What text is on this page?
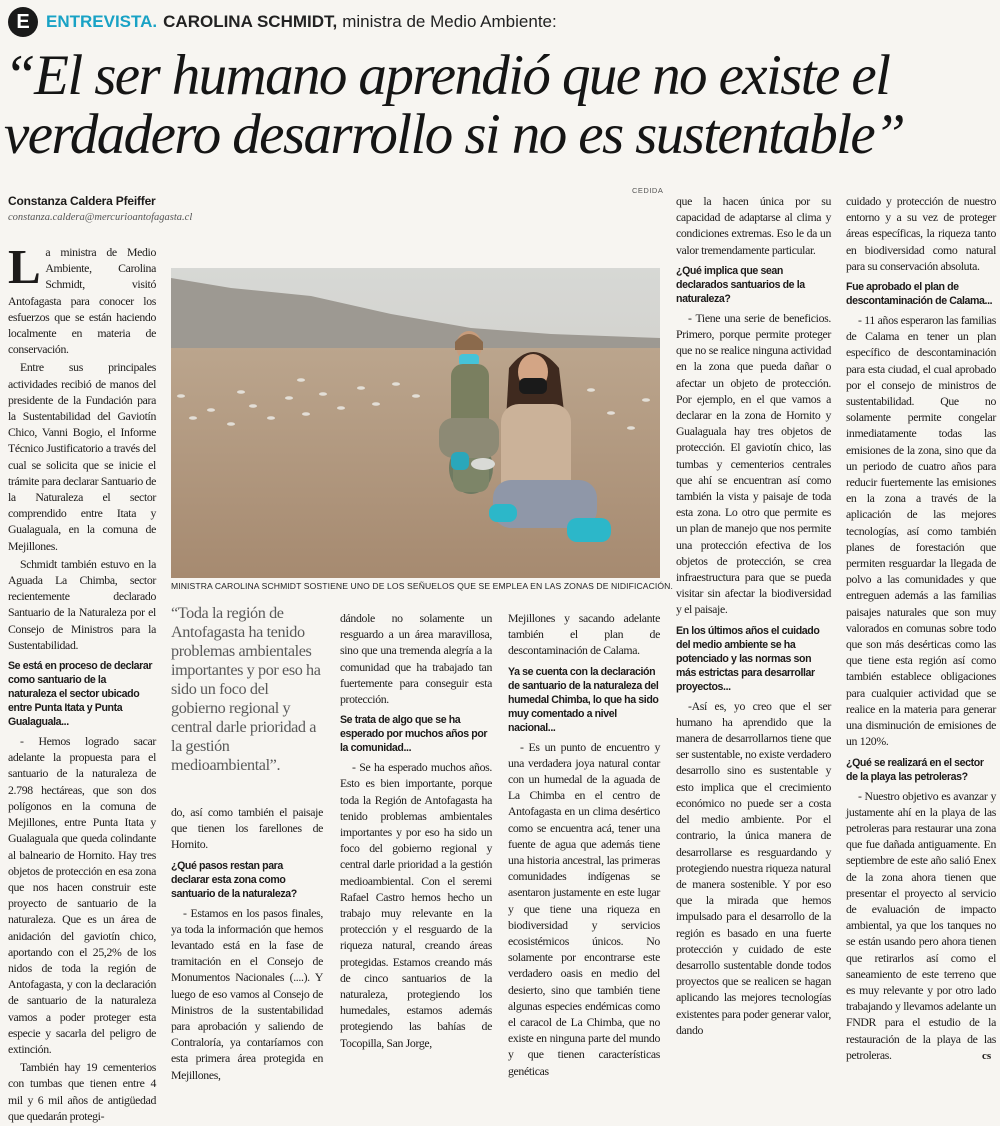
E ENTREVISTA. CAROLINA SCHMIDT, ministra de Medio Ambiente:
“El ser humano aprendió que no existe el verdadero desarrollo si no es sustentable”
Constanza Caldera Pfeiffer
constanza.caldera@mercurioantofagasta.cl
CEDIDA
MINISTRA CAROLINA SCHMIDT SOSTIENE UNO DE LOS SEÑUELOS QUE SE EMPLEA EN LAS ZONAS DE NIDIFICACIÓN.

La ministra de Medio Ambiente, Carolina Schmidt, visitó Antofagasta para conocer los esfuerzos que se están haciendo localmente en materia de conservación.

Entre sus principales actividades recibió de manos del presidente de la Fundación para la Sustentabilidad del Gaviotín Chico, Vanni Bogio, el Informe Técnico Justificatorio a través del cual se solicita que se inicie el trámite para declarar Santuario de la Naturaleza el sector comprendido entre Itata y Gualaguala, en la comuna de Mejillones.

Schmidt también estuvo en la Aguada La Chimba, sector recientemente declarado Santuario de la Naturaleza por el Consejo de Ministros para la Sustentabilidad.

Se está en proceso de declarar como santuario de la naturaleza el sector ubicado entre Punta Itata y Punta Gualaguala...

- Hemos logrado sacar adelante la propuesta para el santuario de la naturaleza de 2.798 hectáreas, que son dos polígonos en la comuna de Mejillones, entre Punta Itata y Gualaguala que queda colindante al balneario de Hornito. Hay tres objetos de protección en esa zona que nos hacen construir este proyecto de santuario de la naturaleza. Que es un área de anidación del gaviotín chico, aportando con el 25,2% de los nidos de toda la región de Antofagasta, y con la declaración de santuario de la naturaleza vamos a poder proteger esta especie y sacarla del peligro de extinción.

También hay 19 cementerios con tumbas que tienen entre 4 mil y 6 mil años de antigüedad que quedarán protegi-

“Toda la región de Antofagasta ha tenido problemas ambientales importantes y por eso ha sido un foco del gobierno regional y central darle prioridad a la gestión medioambiental”.

do, así como también el paisaje que tienen los farellones de Hornito.

¿Qué pasos restan para declarar esta zona como santuario de la naturaleza?

- Estamos en los pasos finales, ya toda la información que hemos levantado está en la fase de tramitación en el Consejo de Monumentos Nacionales (....). Y luego de eso vamos al Consejo de Ministros de la sustentabilidad para aprobación y saliendo de Contraloría, ya contaríamos con esta primera área protegida en Mejillones,

dándole no solamente un resguardo a un área maravillosa, sino que una tremenda alegría a la comunidad que ha trabajado tan fuertemente para conseguir esta protección.

Se trata de algo que se ha esperado por muchos años por la comunidad...

- Se ha esperado muchos años. Esto es bien importante, porque toda la Región de Antofagasta ha tenido problemas ambientales importantes y por eso ha sido un foco del gobierno regional y central darle prioridad a la gestión medioambiental. Con el seremi Rafael Castro hemos hecho un trabajo muy relevante en la protección y el resguardo de la riqueza natural, creando áreas protegidas. Estamos creando más de cinco santuarios de la naturaleza, protegiendo los humedales, estamos además protegiendo las bahías de Tocopilla, San Jorge,

Mejillones y sacando adelante también el plan de descontaminación de Calama.

Ya se cuenta con la declaración de santuario de la naturaleza del humedal Chimba, lo que ha sido muy comentado a nivel nacional...

- Es un punto de encuentro y una verdadera joya natural contar con un humedal de la aguada de La Chimba en el centro de Antofagasta en un clima desértico como se encuentra acá, tener una fuente de agua que además tiene una historia ancestral, las primeras comunidades indígenas se asentaron justamente en este lugar y que tiene una riqueza en biodiversidad y servicios ecosistémicos únicos. No solamente por encontrarse este verdadero oasis en medio del desierto, sino que también tiene algunas especies endémicas como el caracol de La Chimba, que no existe en ninguna parte del mundo y que tienen características genéticas

que la hacen única por su capacidad de adaptarse al clima y condiciones extremas. Eso le da un valor tremendamente particular.

¿Qué implica que sean declarados santuarios de la naturaleza?

- Tiene una serie de beneficios. Primero, porque permite proteger que no se realice ninguna actividad en la zona que pueda dañar o afectar un objeto de protección. Por ejemplo, en el que vamos a declarar en la zona de Hornito y Gualaguala hay tres objetos de protección. El gaviotín chico, las tumbas y cementerios centrales que ahí se encuentran así como también la vista y paisaje de toda esta zona. Lo otro que permite es un plan de manejo que nos permite una protección efectiva de los objetos de protección, se crea infraestructura para que se pueda visitar sin afectar la biodiversidad y el paisaje.

En los últimos años el cuidado del medio ambiente se ha potenciado y las normas son más estrictas para desarrollar proyectos...

-Así es, yo creo que el ser humano ha aprendido que la manera de desarrollarnos tiene que ser sustentable, no existe verdadero desarrollo sino es sustentable y esto implica que el crecimiento económico no puede ser a costa del medio ambiente. Por el contrario, la única manera de desarrollarse es resguardando y protegiendo nuestra riqueza natural de manera sostenible. Y por eso que la mirada que hemos impulsado para el desarrollo de la región es basado en una fuerte protección y cuidado de este desarrollo sustentable donde todos proyectos que se realicen se hagan aplicando las mejores tecnologías existentes para poder generar valor, dando

cuidado y protección de nuestro entorno y a su vez de proteger áreas específicas, la riqueza tanto en biodiversidad como natural para su conservación absoluta.

Fue aprobado el plan de descontaminación de Calama...

- 11 años esperaron las familias de Calama en tener un plan específico de descontaminación para esta ciudad, el cual aprobado por el consejo de ministros de sustentabilidad. Que no solamente permite congelar inmediatamente todas las emisiones de la zona, sino que da un periodo de cuatro años para reducir fuertemente las emisiones en la zona a través de la aplicación de las mejores tecnologías, así como también planes de forestación que permiten resguardar la llegada de polvo a las comunidades y que entreguen además a las familias paisajes naturales que son muy valorados en comunas sobre todo que son más desérticas como las que tiene esta región así como también establece obligaciones para cualquier actividad que se realice en la materia para generar una disminución de emisiones de un 120%.

¿Qué se realizará en el sector de la playa las petroleras?

- Nuestro objetivo es avanzar y justamente ahí en la playa de las petroleras para restaurar una zona que fue dañada antiguamente. En septiembre de este año salió Enex de la zona ahora tienen que presentar el proyecto al servicio de evaluación de impacto ambiental, ya que los tanques no se están usando pero ahora tienen que retirarlos así como el saneamiento de este terreno que es muy relevante y por otro lado trabajando y llevamos adelante un FNDR para el estudio de la restauración de la playa de las petroleras.	cs
